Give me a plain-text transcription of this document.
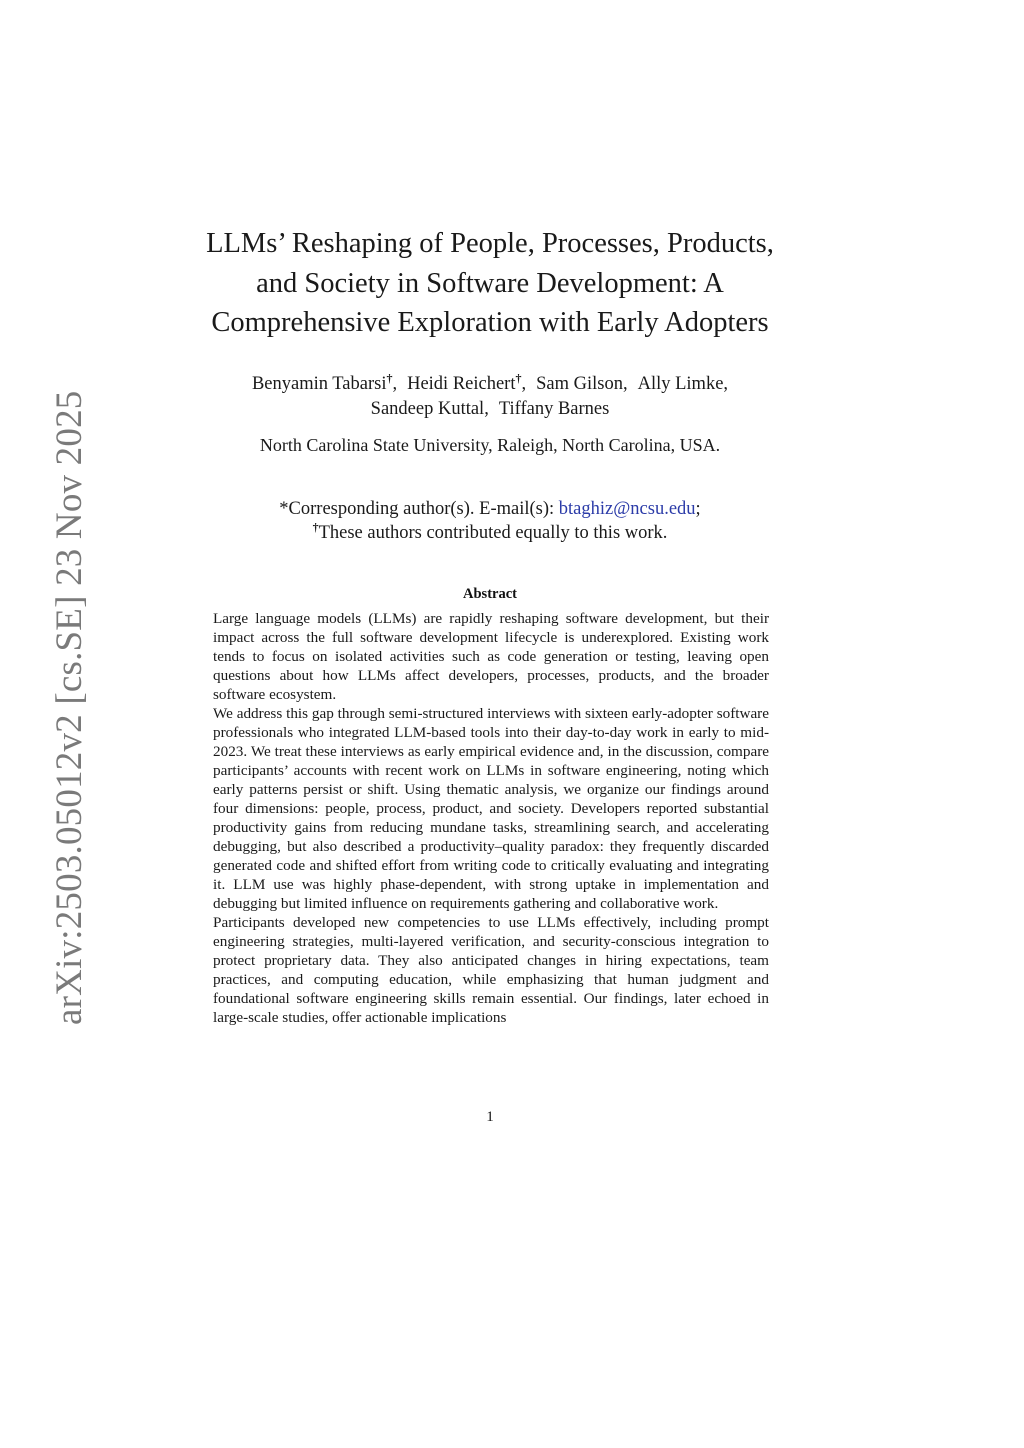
arXiv:2503.05012v2 [cs.SE] 23 Nov 2025
LLMs’ Reshaping of People, Processes, Products,
and Society in Software Development: A
Comprehensive Exploration with Early Adopters
Benyamin Tabarsi†, Heidi Reichert†, Sam Gilson, Ally Limke,
Sandeep Kuttal, Tiffany Barnes
North Carolina State University, Raleigh, North Carolina, USA.
*Corresponding author(s). E-mail(s): btaghiz@ncsu.edu;
†These authors contributed equally to this work.
Abstract

Large language models (LLMs) are rapidly reshaping software development, but their impact across the full software development lifecycle is underexplored. Existing work tends to focus on isolated activities such as code generation or testing, leaving open questions about how LLMs affect developers, processes, products, and the broader software ecosystem.

We address this gap through semi-structured interviews with sixteen early-adopter software professionals who integrated LLM-based tools into their day-to-day work in early to mid-2023. We treat these interviews as early empirical evidence and, in the discussion, compare participants’ accounts with recent work on LLMs in software engineering, noting which early patterns persist or shift. Using thematic analysis, we organize our findings around four dimensions: people, process, product, and society. Developers reported substantial productivity gains from reducing mundane tasks, streamlining search, and accelerating debugging, but also described a productivity–quality paradox: they frequently discarded generated code and shifted effort from writing code to critically evaluating and integrating it. LLM use was highly phase-dependent, with strong uptake in implementation and debugging but limited influence on requirements gathering and collaborative work.

Participants developed new competencies to use LLMs effectively, including prompt engineering strategies, multi-layered verification, and security-conscious integration to protect proprietary data. They also anticipated changes in hiring expectations, team practices, and computing education, while emphasizing that human judgment and foundational software engineering skills remain essential. Our findings, later echoed in large-scale studies, offer actionable implications

1
